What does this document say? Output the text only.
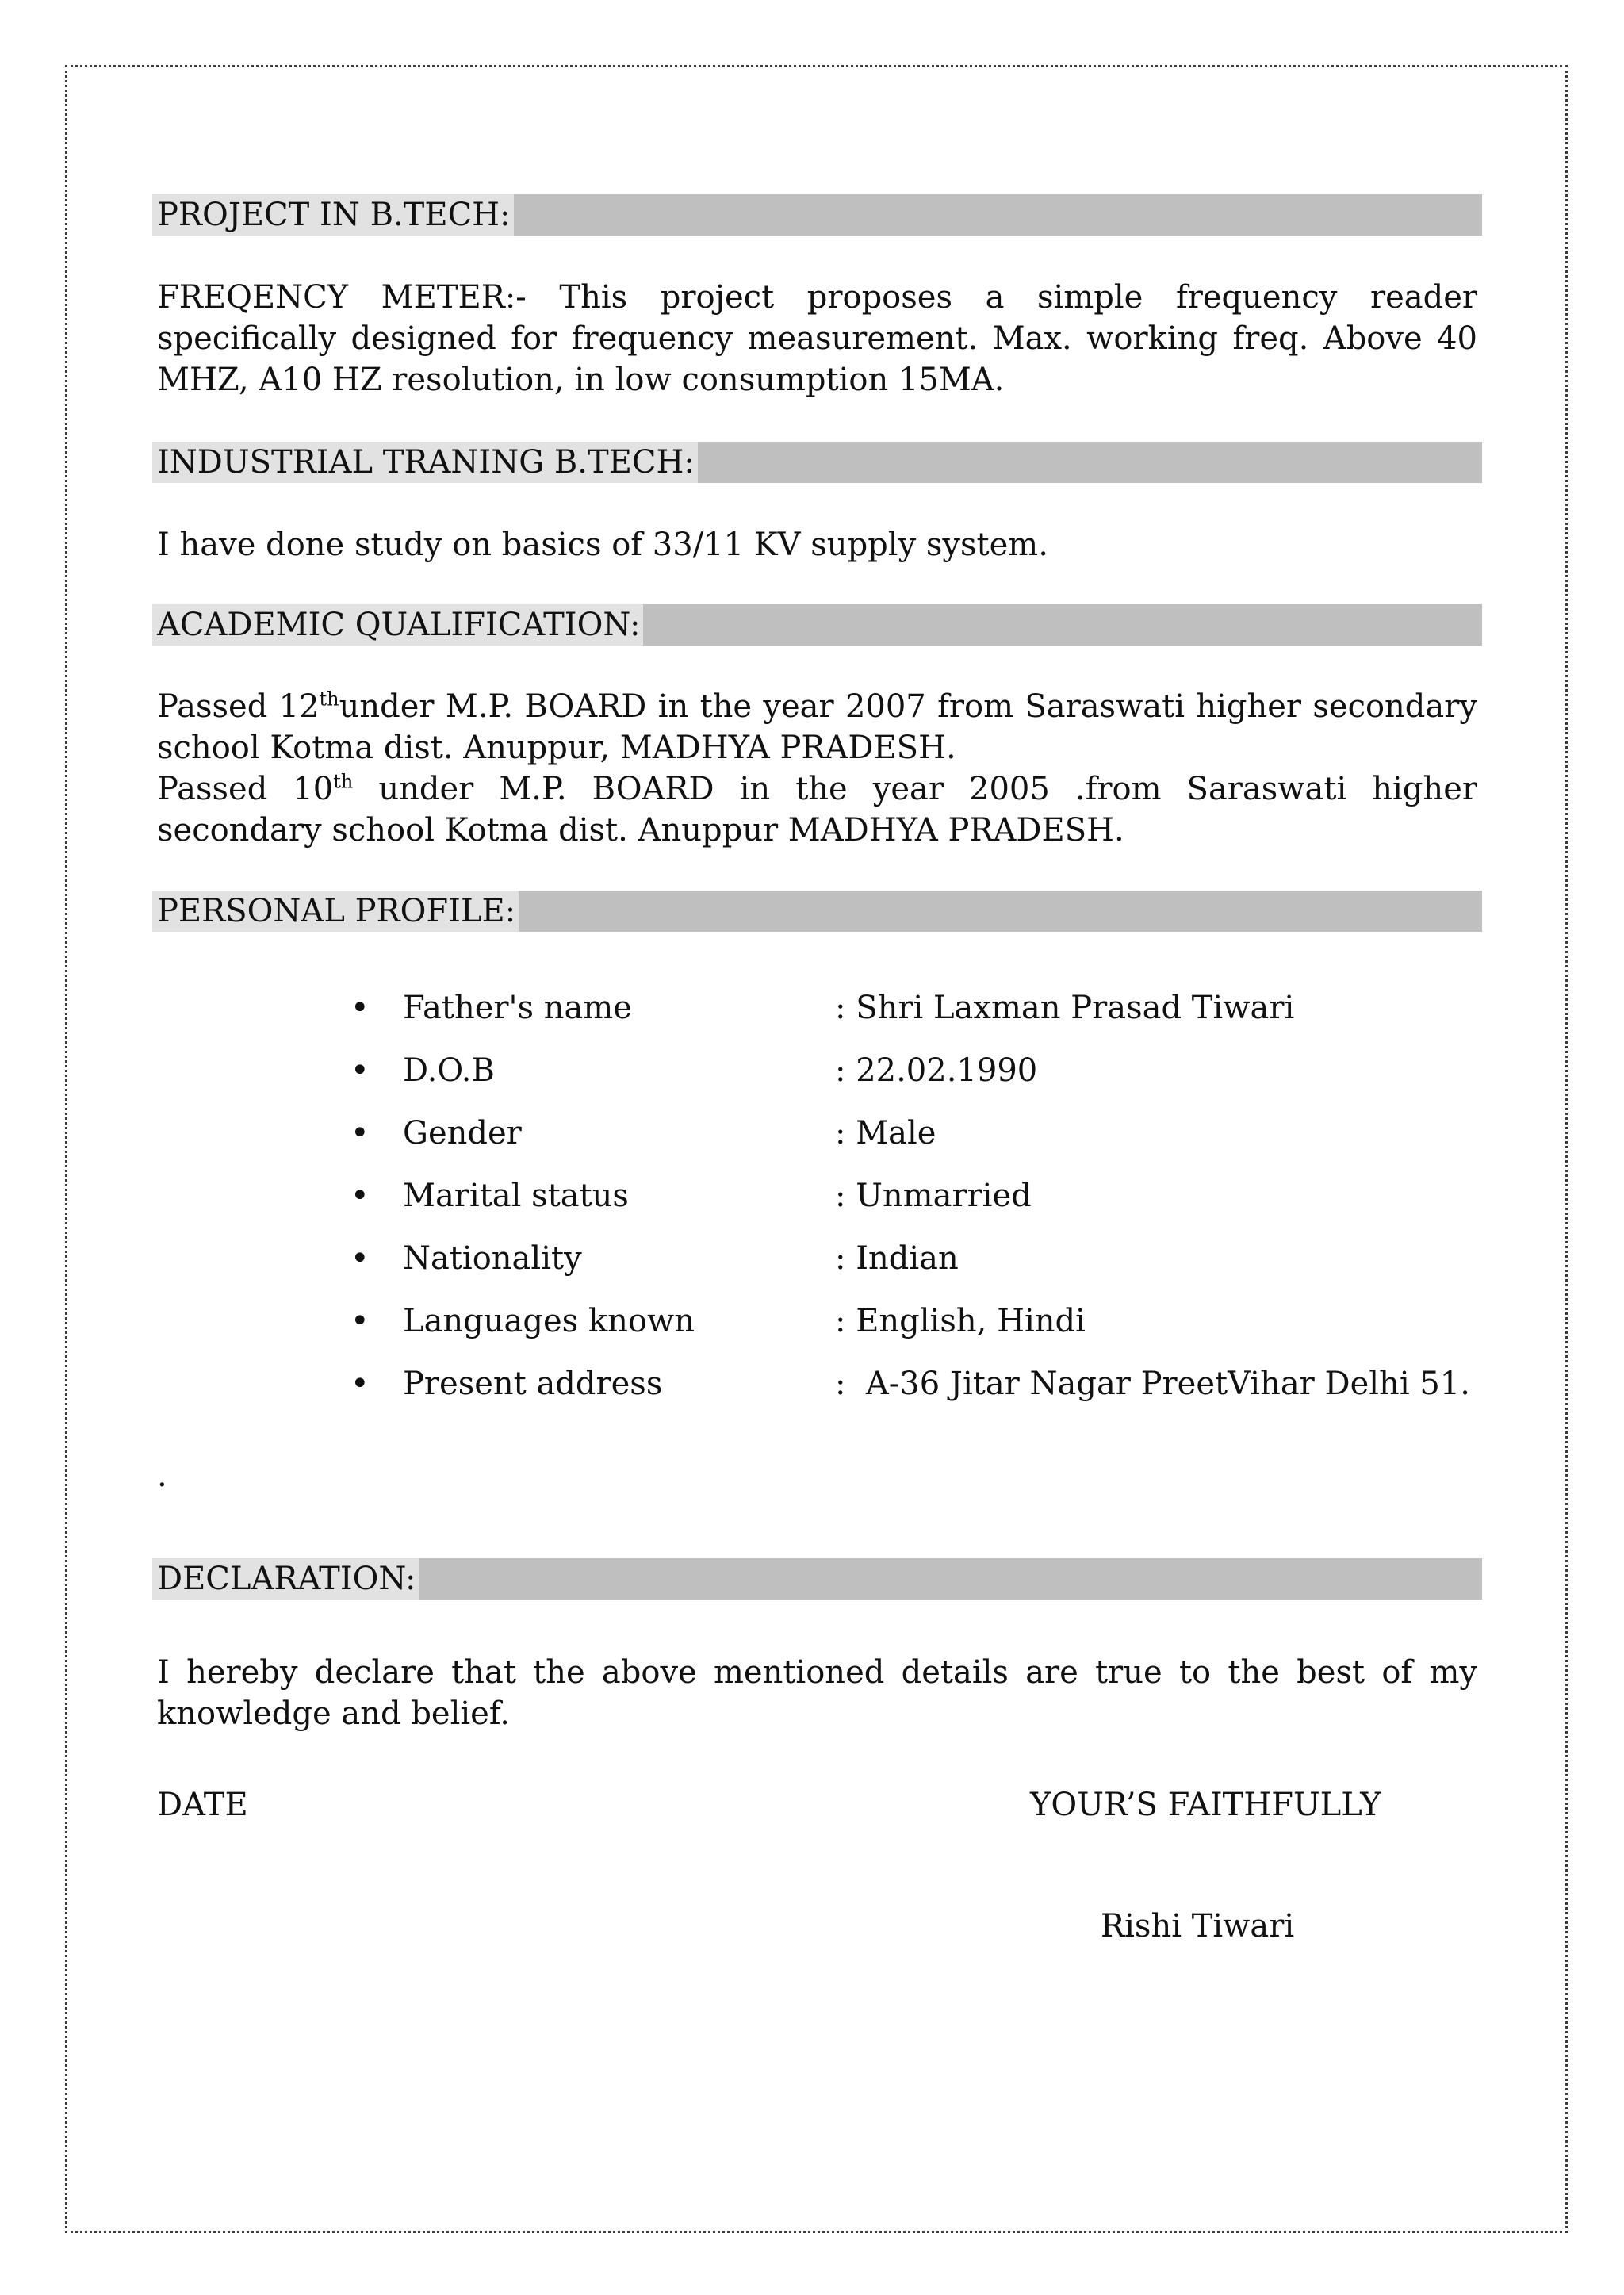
PROJECT IN B.TECH:

FREQENCY METER:- This project proposes a simple frequency reader specifically designed for frequency measurement. Max. working freq. Above 40 MHZ, A10 HZ resolution, in low consumption 15MA.

INDUSTRIAL TRANING B.TECH:

I have done study on basics of 33/11 KV supply system.

ACADEMIC QUALIFICATION:

Passed 12thunder M.P. BOARD in the year 2007 from Saraswati higher secondary school Kotma dist. Anuppur, MADHYA PRADESH.

Passed 10th under M.P. BOARD in the year 2005 .from Saraswati higher secondary school Kotma dist. Anuppur MADHYA PRADESH.

PERSONAL PROFILE:
• Father's name	: Shri Laxman Prasad Tiwari
• D.O.B	: 22.02.1990
• Gender	: Male
• Marital status	: Unmarried
• Nationality	: Indian
• Languages known	: English, Hindi
• Present address	:  A-36 Jitar Nagar PreetVihar Delhi 51.
.
DECLARATION:

I hereby declare that the above mentioned details are true to the best of my knowledge and belief.

DATE	YOUR’S FAITHFULLY
Rishi Tiwari
